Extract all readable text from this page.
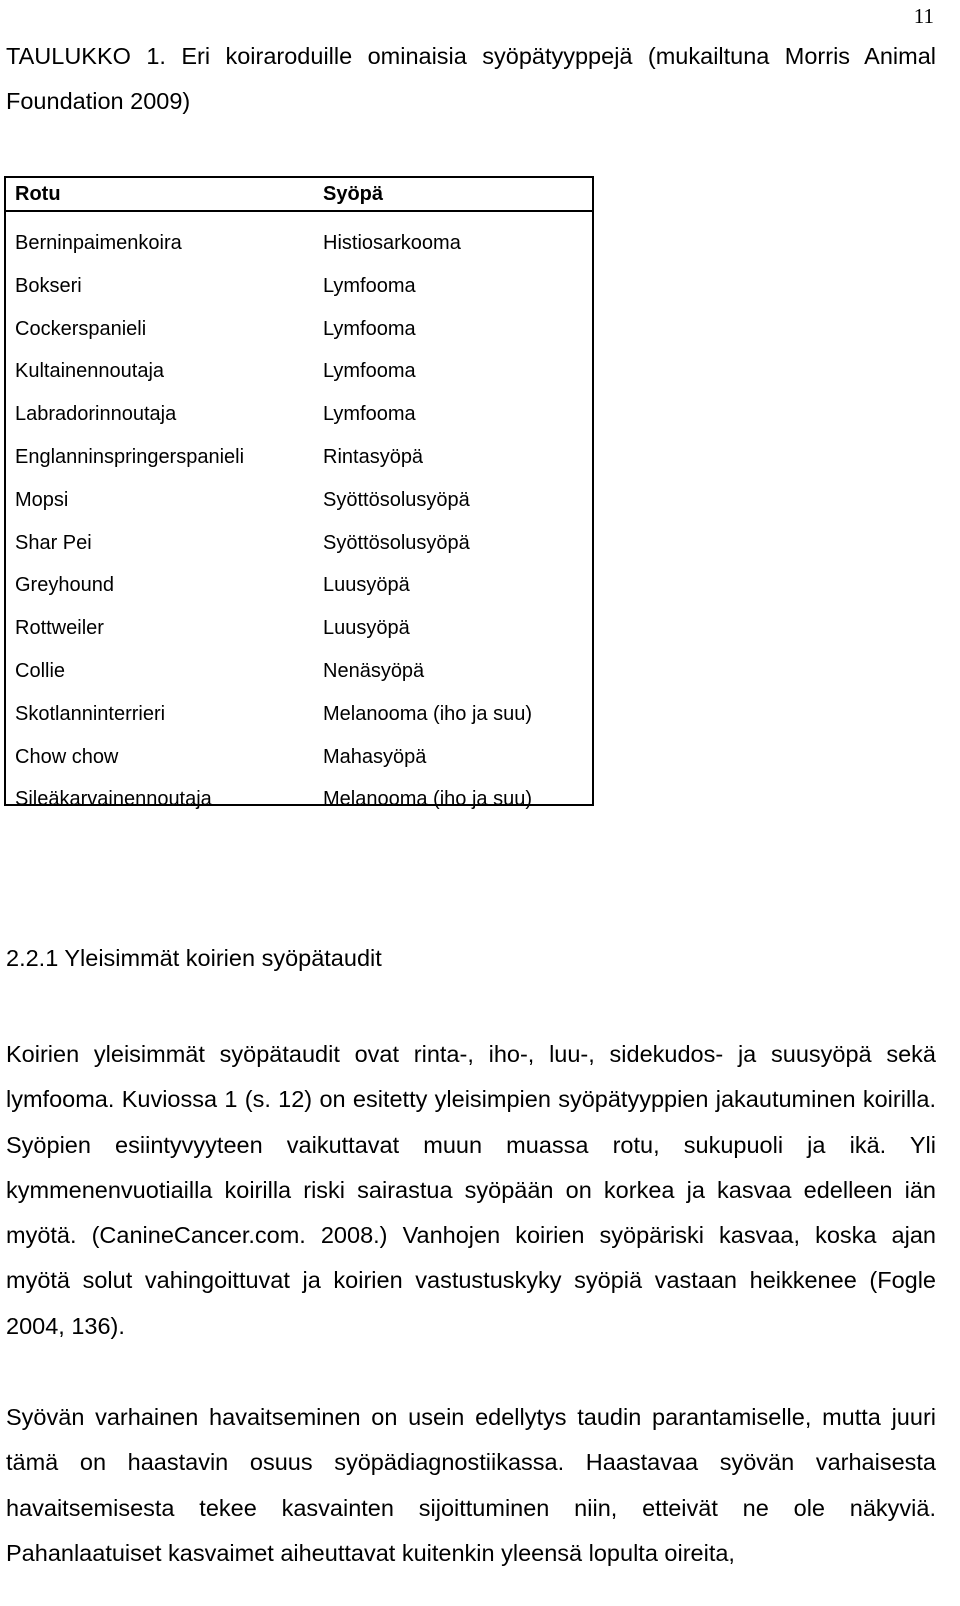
11
TAULUKKO 1. Eri koiraroduille ominaisia syöpätyyppejä (mukailtuna Morris Animal Foundation 2009)
Rotu	Syöpä
Berninpaimenkoira	Histiosarkooma
Bokseri	Lymfooma
Cockerspanieli	Lymfooma
Kultainennoutaja	Lymfooma
Labradorinnoutaja	Lymfooma
Englanninspringerspanieli	Rintasyöpä
Mopsi	Syöttösolusyöpä
Shar Pei	Syöttösolusyöpä
Greyhound	Luusyöpä
Rottweiler	Luusyöpä
Collie	Nenäsyöpä
Skotlanninterrieri	Melanooma (iho ja suu)
Chow chow	Mahasyöpä
Sileäkarvainennoutaja	Melanooma (iho ja suu)
2.2.1 Yleisimmät koirien syöpätaudit
Koirien yleisimmät syöpätaudit ovat rinta-, iho-, luu-, sidekudos- ja suusyöpä sekä lymfooma. Kuviossa 1 (s. 12) on esitetty yleisimpien syöpätyyppien jakautuminen koirilla. Syöpien esiintyvyyteen vaikuttavat muun muassa rotu, sukupuoli ja ikä. Yli kymmenenvuotiailla koirilla riski sairastua syöpään on korkea ja kasvaa edelleen iän myötä. (CanineCancer.com. 2008.) Vanhojen koirien syöpäriski kasvaa, koska ajan myötä solut vahingoittuvat ja koirien vastustuskyky syöpiä vastaan heikkenee (Fogle 2004, 136).
Syövän varhainen havaitseminen on usein edellytys taudin parantamiselle, mutta juuri tämä on haastavin osuus syöpädiagnostiikassa. Haastavaa syövän varhaisesta havaitsemisesta tekee kasvainten sijoittuminen niin, etteivät ne ole näkyviä. Pahanlaatuiset kasvaimet aiheuttavat kuitenkin yleensä lopulta oireita,
